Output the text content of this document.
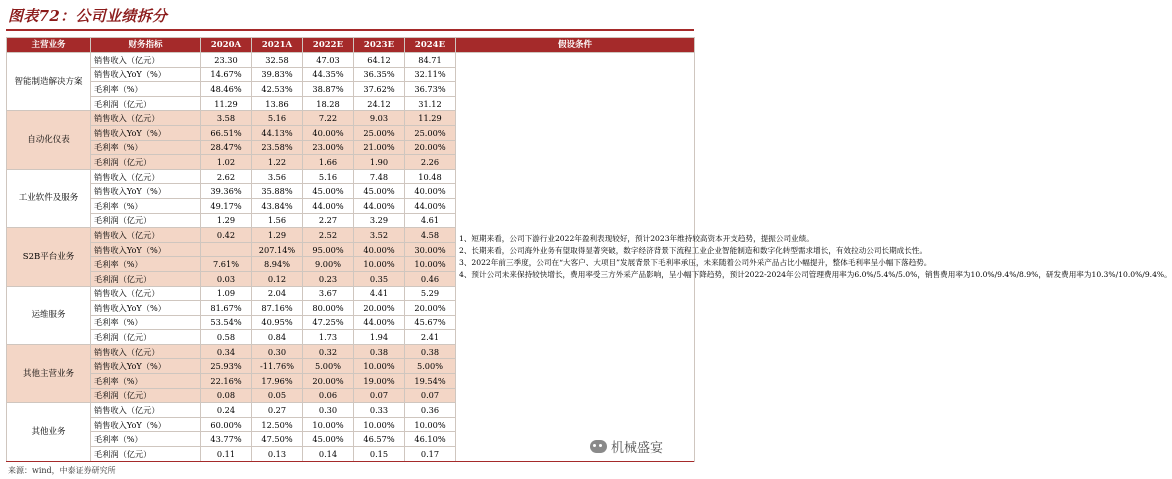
图表72：公司业绩拆分
主营业务	财务指标	2020A	2021A	2022E	2023E	2024E	假设条件
智能制造解决方案	销售收入（亿元）	23.30	32.58	47.03	64.12	84.71	1、短期来看，公司下游行业2022年盈利表现较好，预计2023年维持较高资本开支趋势，提振公司业绩。
2、长期来看，公司海外业务有望取得显著突破，数字经济背景下流程工业企业智能制造和数字化转型需求增长，有效拉动公司长期成长性。
3、2022年前三季度，公司在“大客户、大项目”发展背景下毛利率承压，未来随着公司外采产品占比小幅提升，整体毛利率呈小幅下落趋势。
4、预计公司未来保持较快增长，费用率受三方外采产品影响，呈小幅下降趋势，预计2022-2024年公司管理费用率为6.0%/5.4%/5.0%，销售费用率为10.0%/9.4%/8.9%，研发费用率为10.3%/10.0%/9.4%。

	销售收入YoY（%）	14.67%	39.83%	44.35%	36.35%	32.11%	
	毛利率（%）	48.46%	42.53%	38.87%	37.62%	36.73%	
	毛利润（亿元）	11.29	13.86	18.28	24.12	31.12	
自动化仪表	销售收入（亿元）	3.58	5.16	7.22	9.03	11.29	
	销售收入YoY（%）	66.51%	44.13%	40.00%	25.00%	25.00%	
	毛利率（%）	28.47%	23.58%	23.00%	21.00%	20.00%	
	毛利润（亿元）	1.02	1.22	1.66	1.90	2.26	
工业软件及服务	销售收入（亿元）	2.62	3.56	5.16	7.48	10.48	
	销售收入YoY（%）	39.36%	35.88%	45.00%	45.00%	40.00%	
	毛利率（%）	49.17%	43.84%	44.00%	44.00%	44.00%	
	毛利润（亿元）	1.29	1.56	2.27	3.29	4.61	
S2B平台业务	销售收入（亿元）	0.42	1.29	2.52	3.52	4.58	
	销售收入YoY（%）		207.14%	95.00%	40.00%	30.00%	
	毛利率（%）	7.61%	8.94%	9.00%	10.00%	10.00%	
	毛利润（亿元）	0.03	0.12	0.23	0.35	0.46	
运维服务	销售收入（亿元）	1.09	2.04	3.67	4.41	5.29	
	销售收入YoY（%）	81.67%	87.16%	80.00%	20.00%	20.00%	
	毛利率（%）	53.54%	40.95%	47.25%	44.00%	45.67%	
	毛利润（亿元）	0.58	0.84	1.73	1.94	2.41	
其他主营业务	销售收入（亿元）	0.34	0.30	0.32	0.38	0.38	
	销售收入YoY（%）	25.93%	-11.76%	5.00%	10.00%	5.00%	
	毛利率（%）	22.16%	17.96%	20.00%	19.00%	19.54%	
	毛利润（亿元）	0.08	0.05	0.06	0.07	0.07	
其他业务	销售收入（亿元）	0.24	0.27	0.30	0.33	0.36	
	销售收入YoY（%）	60.00%	12.50%	10.00%	10.00%	10.00%	
	毛利率（%）	43.77%	47.50%	45.00%	46.57%	46.10%	
	毛利润（亿元）	0.11	0.13	0.14	0.15	0.17	
来源：wind，中泰证券研究所
机械盛宴
